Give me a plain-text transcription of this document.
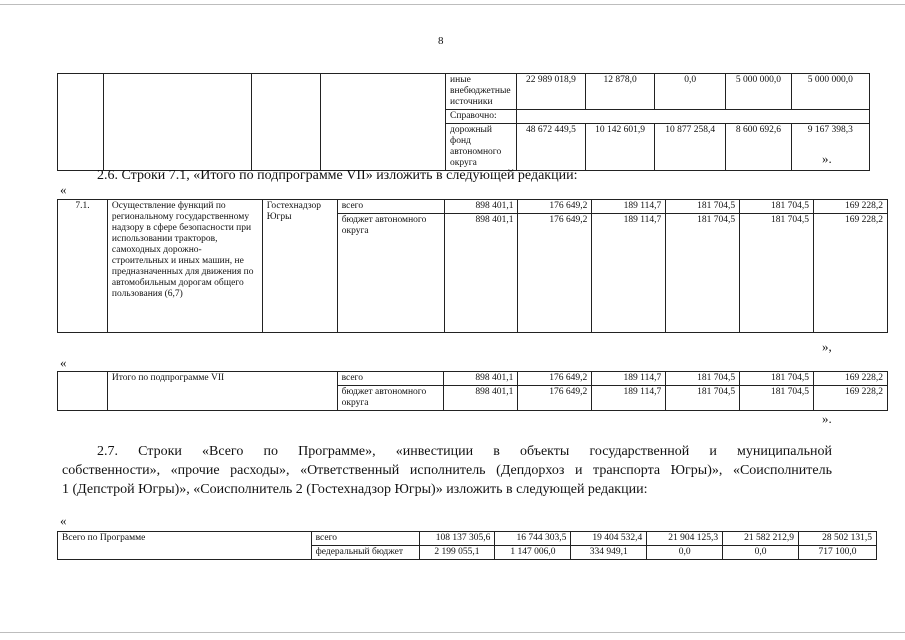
8
				иные внебюджетные источники	22 989 018,9	12 878,0	0,0	5 000 000,0	5 000 000,0
				Справочно:					
				дорожный фонд автономного округа	48 672 449,5	10 142 601,9	10 877 258,4	8 600 692,6	9 167 398,3
».
2.6. Строки 7.1, «Итого по подпрограмме VII» изложить в следующей редакции:
«
7.1.	Осуществление функций по региональному государственному надзору в сфере безопасности при использовании тракторов, самоходных дорожно-строительных и иных машин, не предназначенных для движения по автомобильным дорогам общего пользования (6,7)	Гостехнадзор Югры	всего	898 401,1	176 649,2	189 114,7	181 704,5	181 704,5	169 228,2
			бюджет автономного округа	898 401,1	176 649,2	189 114,7	181 704,5	181 704,5	169 228,2
»,
«
	Итого по подпрограмме VII	всего	898 401,1	176 649,2	189 114,7	181 704,5	181 704,5	169 228,2
		бюджет автономного округа	898 401,1	176 649,2	189 114,7	181 704,5	181 704,5	169 228,2
».
2.7. Строки «Всего по Программе», «инвестиции в объекты государственной и муниципальной
собственности», «прочие расходы», «Ответственный исполнитель (Депдорхоз и транспорта Югры)», «Соисполнитель
1 (Депстрой Югры)», «Соисполнитель 2 (Гостехнадзор Югры)» изложить в следующей редакции:
«
Всего по Программе	всего	108 137 305,6	16 744 303,5	19 404 532,4	21 904 125,3	21 582 212,9	28 502 131,5
	федеральный бюджет	2 199 055,1	1 147 006,0	334 949,1	0,0	0,0	717 100,0
